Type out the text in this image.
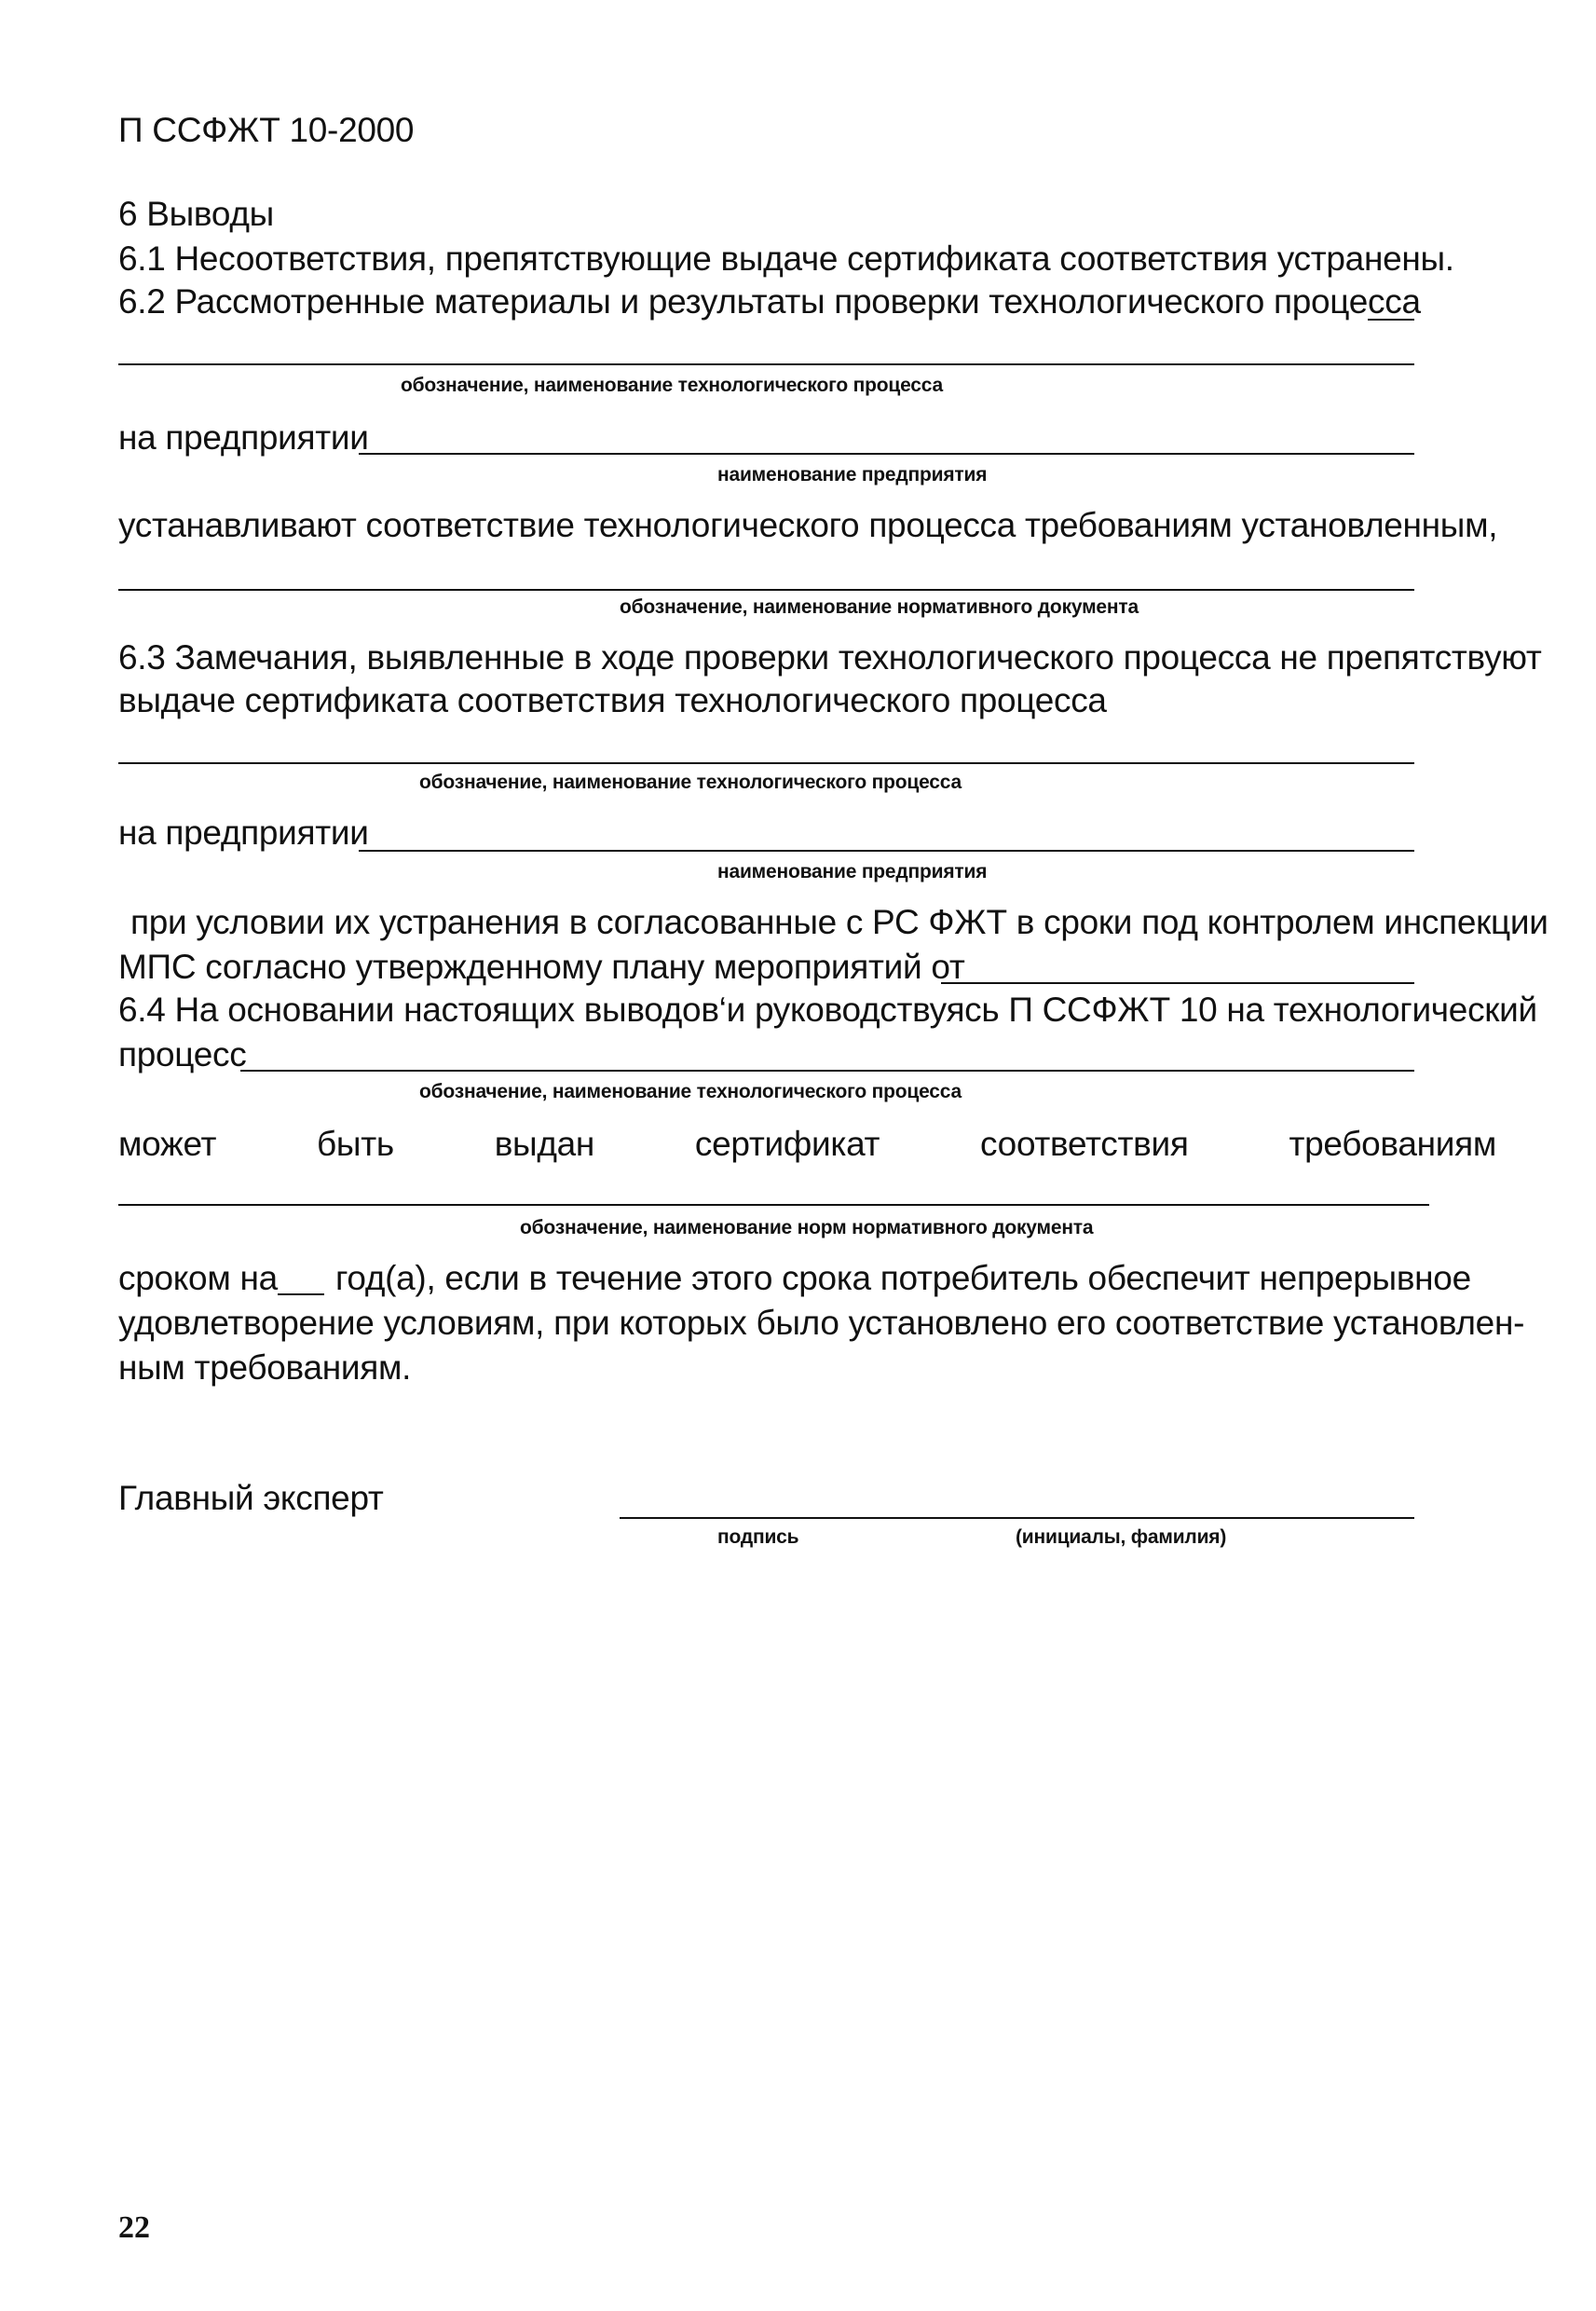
П ССФЖТ 10-2000
6 Выводы
6.1 Несоответствия, препятствующие выдаче сертификата соответствия устранены.
6.2 Рассмотренные материалы и результаты проверки технологического процесса
обозначение, наименование технологического процесса
на предприятии
наименование предприятия
устанавливают соответствие технологического процесса требованиям установленным,
обозначение, наименование нормативного документа
6.3 Замечания, выявленные в ходе проверки технологического процесса не препятствуют
выдаче сертификата соответствия технологического процесса
обозначение, наименование технологического процесса
на предприятии
наименование предприятия
при условии их устранения в согласованные с РС ФЖТ в сроки под контролем инспекции
МПС согласно утвержденному плану мероприятий от
6.4 На основании настоящих выводов‘и руководствуясь П ССФЖТ 10 на технологический
процесс
обозначение, наименование технологического процесса
может	быть	выдан	сертификат	соответствия	требованиям
обозначение, наименование норм нормативного документа
сроком на год(а), если в течение этого срока потребитель обеспечит непрерывное
удовлетворение условиям, при которых было установлено его соответствие установлен-
ным требованиям.
Главный эксперт
подпись	(инициалы, фамилия)
22
